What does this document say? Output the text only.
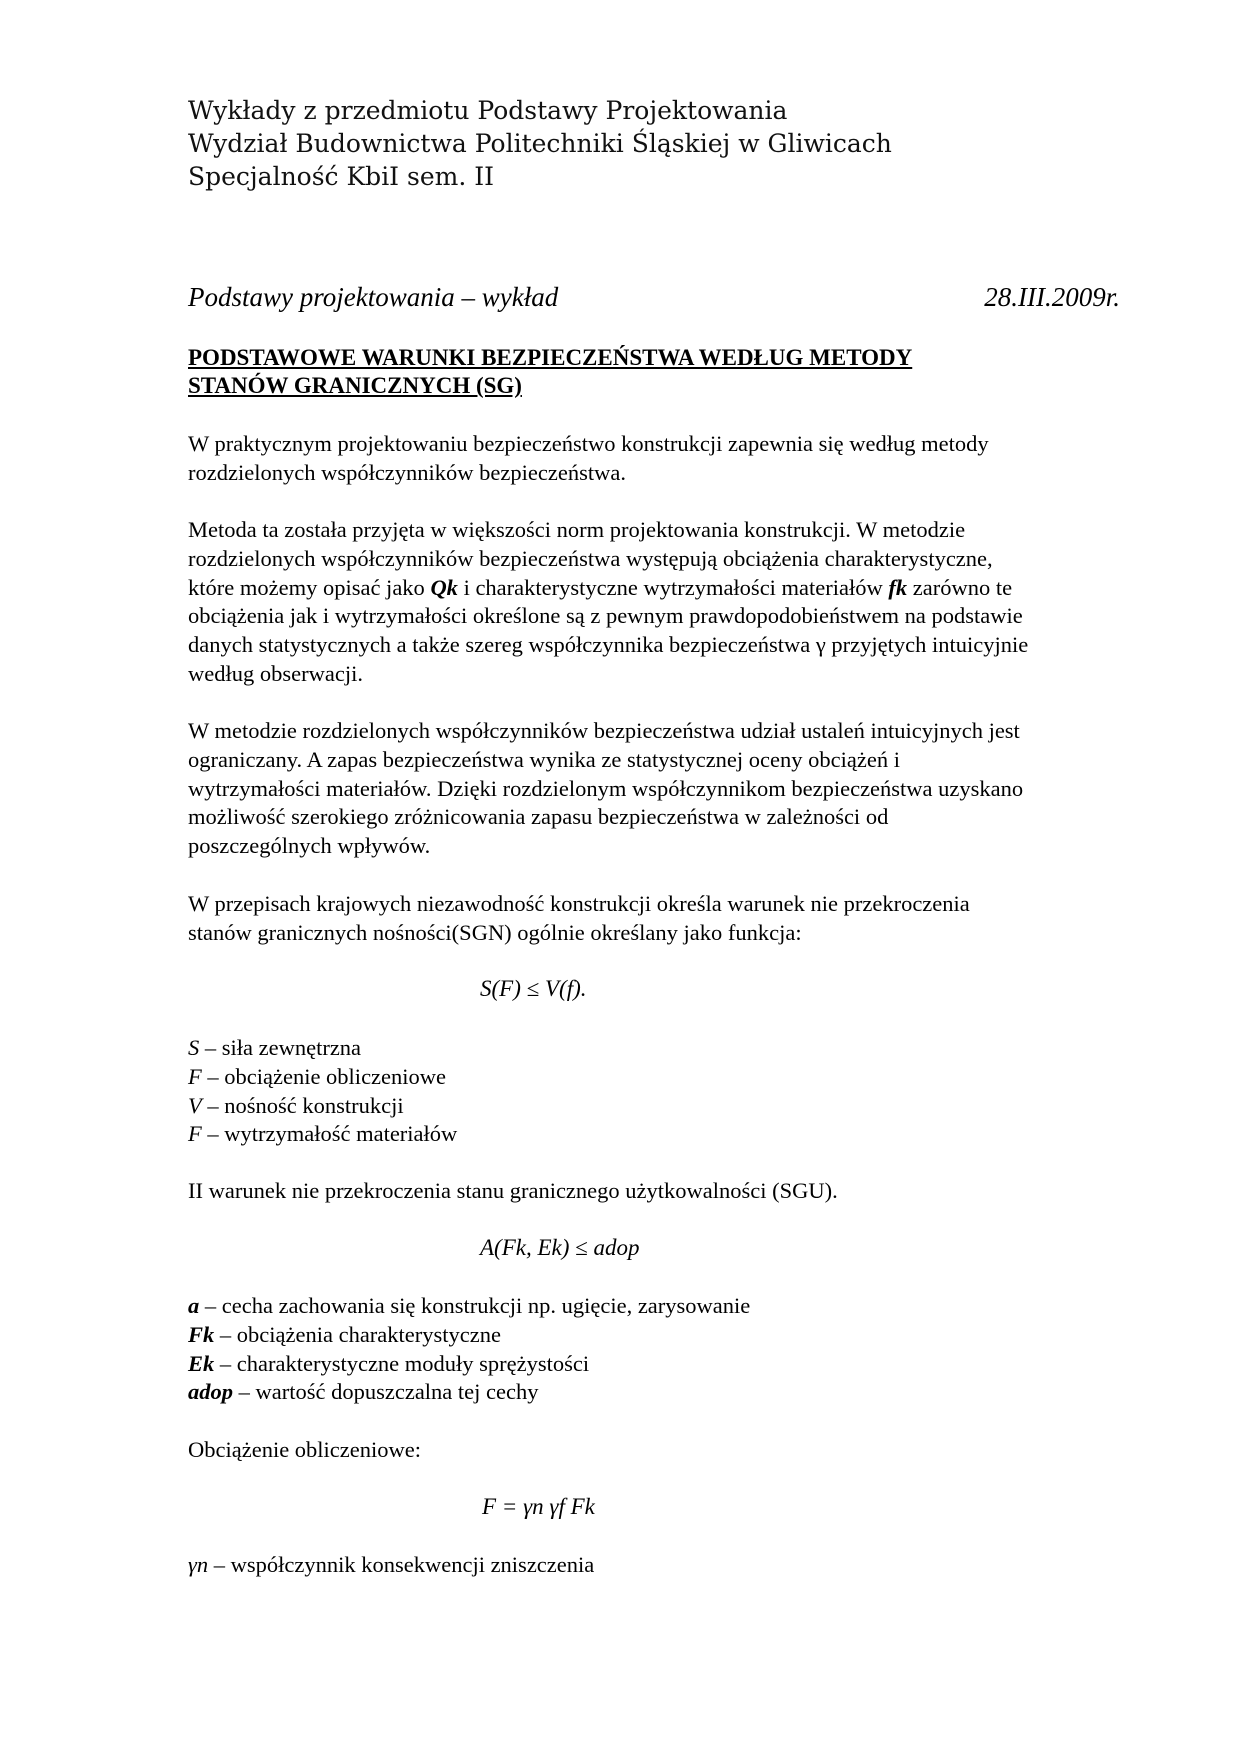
Wykłady z przedmiotu Podstawy Projektowania
Wydział Budownictwa Politechniki Śląskiej w Gliwicach
Specjalność KbiI sem. II
Podstawy projektowania – wykład	28.III.2009r.
PODSTAWOWE WARUNKI BEZPIECZEŃSTWA WEDŁUG METODY
STANÓW GRANICZNYCH (SG)
W praktycznym projektowaniu bezpieczeństwo konstrukcji zapewnia się według metody
rozdzielonych współczynników bezpieczeństwa.
Metoda ta została przyjęta w większości norm projektowania konstrukcji. W metodzie
rozdzielonych współczynników bezpieczeństwa występują obciążenia charakterystyczne,
które możemy opisać jako Qk i charakterystyczne wytrzymałości materiałów fk zarówno te
obciążenia jak i wytrzymałości określone są z pewnym prawdopodobieństwem na podstawie
danych statystycznych a także szereg współczynnika bezpieczeństwa γ przyjętych intuicyjnie
według obserwacji.
W metodzie rozdzielonych współczynników bezpieczeństwa udział ustaleń intuicyjnych jest
ograniczany. A zapas bezpieczeństwa wynika ze statystycznej oceny obciążeń i
wytrzymałości materiałów. Dzięki rozdzielonym współczynnikom bezpieczeństwa uzyskano
możliwość szerokiego zróżnicowania zapasu bezpieczeństwa w zależności od
poszczególnych wpływów.
W przepisach krajowych niezawodność konstrukcji określa warunek nie przekroczenia
stanów granicznych nośności(SGN) ogólnie określany jako funkcja:
S(F) ≤ V(f).
S – siła zewnętrzna
F – obciążenie obliczeniowe
V – nośność konstrukcji
F – wytrzymałość materiałów
II warunek nie przekroczenia stanu granicznego użytkowalności (SGU).
A(Fk, Ek) ≤ adop
a – cecha zachowania się konstrukcji np. ugięcie, zarysowanie
Fk – obciążenia charakterystyczne
Ek – charakterystyczne moduły sprężystości
adop – wartość dopuszczalna tej cechy
Obciążenie obliczeniowe:
F = γn γf Fk
γn – współczynnik konsekwencji zniszczenia
